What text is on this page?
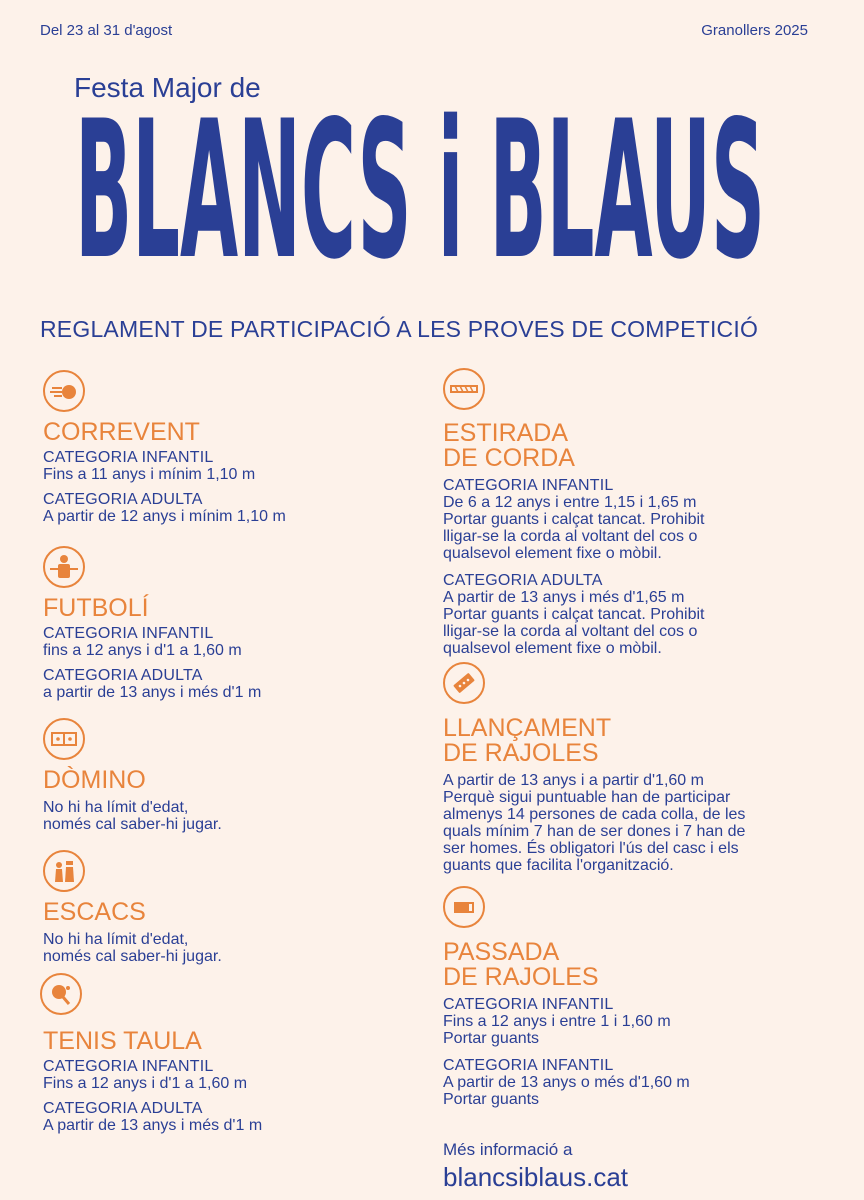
Del 23 al 31 d'agost	Granollers 2025
Festa Major de
BLANCS i BLAUS
REGLAMENT DE PARTICIPACIÓ A LES PROVES DE COMPETICIÓ
CORREVENT
CATEGORIA INFANTIL
Fins a 11 anys i mínim 1,10 m
CATEGORIA ADULTA
A partir de 12 anys i mínim 1,10 m
FUTBOLÍ
CATEGORIA INFANTIL
fins a 12 anys i d'1 a 1,60 m
CATEGORIA ADULTA
a partir de 13 anys i més d'1 m
DÒMINO
No hi ha límit d'edat,
només cal saber-hi jugar.
ESCACS
No hi ha límit d'edat,
només cal saber-hi jugar.
TENIS TAULA
CATEGORIA INFANTIL
Fins a 12 anys i d'1 a 1,60 m
CATEGORIA ADULTA
A partir de 13 anys i més d'1 m
ESTIRADA
DE CORDA
CATEGORIA INFANTIL
De 6 a 12 anys i entre 1,15 i 1,65 m
Portar guants i calçat tancat. Prohibit
lligar-se la corda al voltant del cos o
qualsevol element fixe o mòbil.
CATEGORIA ADULTA
A partir de 13 anys i més d'1,65 m
Portar guants i calçat tancat. Prohibit
lligar-se la corda al voltant del cos o
qualsevol element fixe o mòbil.
LLANÇAMENT
DE RAJOLES
A partir de 13 anys i a partir d'1,60 m
Perquè sigui puntuable han de participar
almenys 14 persones de cada colla, de les
quals mínim 7 han de ser dones i 7 han de
ser homes. És obligatori l'ús del casc i els
guants que facilita l'organització.
PASSADA
DE RAJOLES
CATEGORIA INFANTIL
Fins a 12 anys i entre 1 i 1,60 m
Portar guants
CATEGORIA INFANTIL
A partir de 13 anys o més d'1,60 m
Portar guants
Més informació a
blancsiblaus.cat
